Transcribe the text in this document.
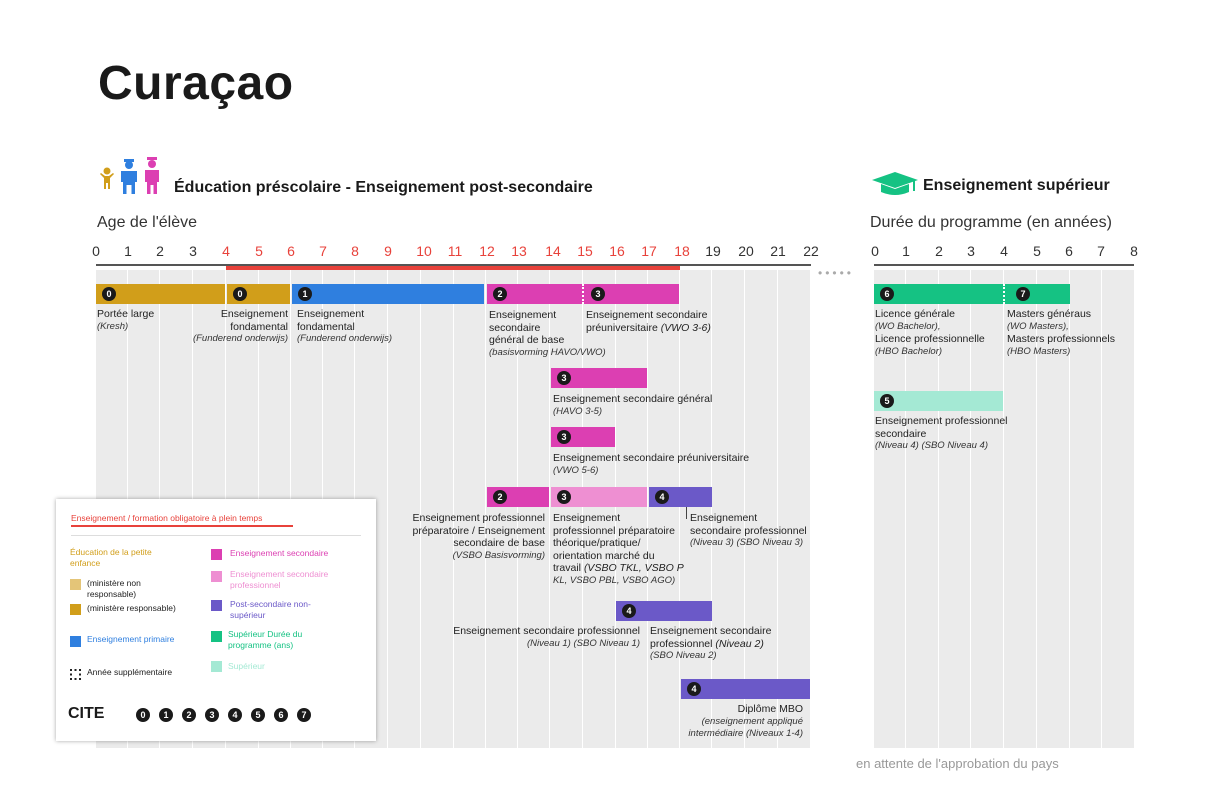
Curaçao
Éducation préscolaire - Enseignement post-secondaire
Age de l'élève
Enseignement supérieur
Durée du programme (en années)
•••••
0	1	2	3	4	5	6	7	8	9	10	11	12	13	14	15	16	17	18	19	20	21	22	0	1	2	3	4	5	6	7	8
0	0	1	2	3
Portée large
(Kresh)
Enseignement
fondamental
(Funderend onderwijs)
Enseignement
fondamental
(Funderend onderwijs)
Enseignement
secondaire
général de base
(basisvorming HAVO/VWO)
Enseignement secondaire
préuniversitaire (VWO 3-6)
3
Enseignement secondaire général
(HAVO 3-5)
3
Enseignement secondaire préuniversitaire
(VWO 5-6)
2	3	4
Enseignement professionnel
préparatoire / Enseignement
secondaire de base
(VSBO Basisvorming)
Enseignement
professionnel préparatoire
théorique/pratique/
orientation marché du
travail (VSBO TKL, VSBO P
KL, VSBO PBL, VSBO AGO)
Enseignement
secondaire professionnel
(Niveau 3) (SBO Niveau 3)
4
Enseignement secondaire professionnel
(Niveau 1) (SBO Niveau 1)
Enseignement secondaire
professionnel (Niveau 2)
(SBO Niveau 2)
4
Diplôme MBO
(enseignement appliqué
intermédiaire (Niveaux 1-4)
6	7
Licence générale
(WO Bachelor),
Licence professionnelle
(HBO Bachelor)
Masters généraus
(WO Masters),
Masters professionnels
(HBO Masters)
5
Enseignement professionnel
secondaire
(Niveau 4) (SBO Niveau 4)
en attente de l'approbation du pays
Enseignement / formation obligatoire à plein temps
Éducation de la petite enfance
(ministère non responsable)
(ministère responsable)
Enseignement primaire
Année supplémentaire
Enseignement secondaire
Enseignement secondaire professionnel
Post-secondaire non-supérieur
Supérieur Durée du programme (ans)
Supérieur
CITE	0	1	2	3	4	5	6	7
